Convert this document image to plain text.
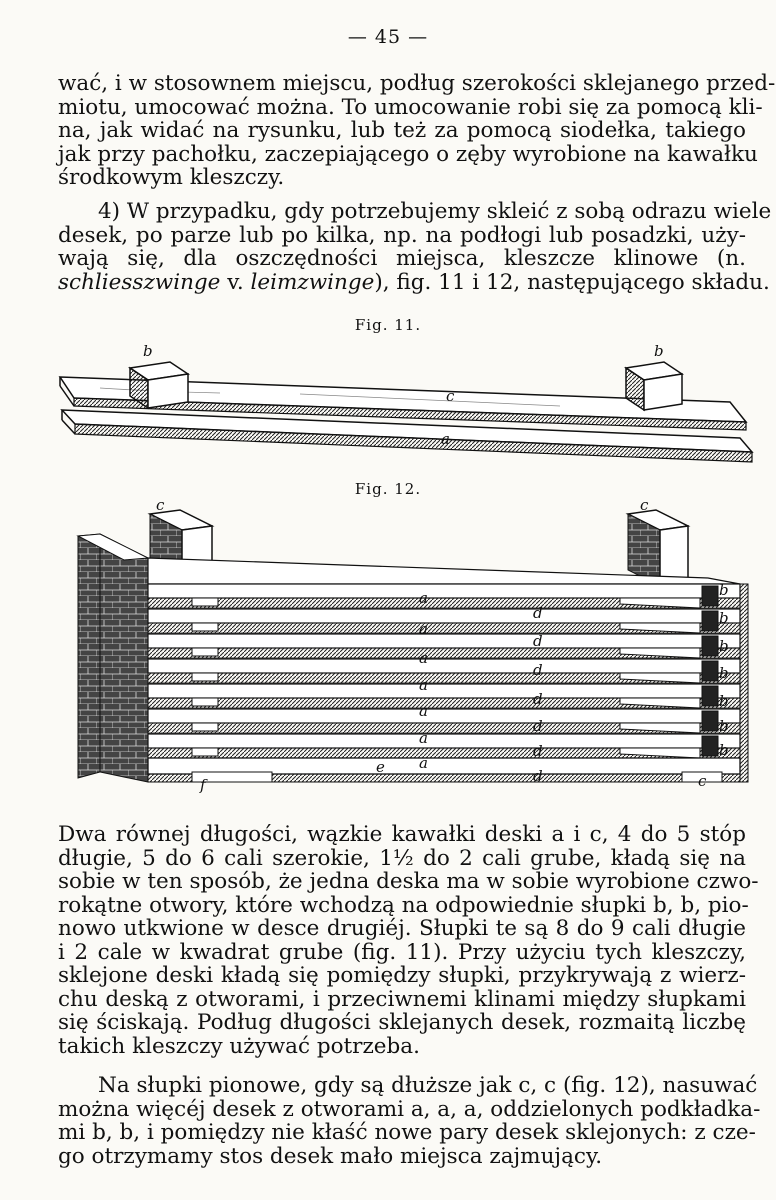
— 45 —
wać, i w stosownem miejscu, podług szerokości sklejanego przed-
miotu, umocować można. To umocowanie robi się za pomocą kli-
na, jak widać na rysunku, lub też za pomocą siodełka, takiego
jak przy pachołku, zaczepiającego o zęby wyrobione na kawałku
środkowym kleszczy.
4) W przypadku, gdy potrzebujemy skleić z sobą odrazu wiele
desek, po parze lub po kilka, np. na podłogi lub posadzki, uży-
wają się, dla oszczędności miejsca, kleszcze klinowe (n.
schliesszwinge v. leimzwinge), fig. 11 i 12, następującego składu.
Fig. 11.
b	b
c
a
Fig. 12.
a
d
b
a
d
b
a
d
b
a
d
b
a
d
b
a
d
b
a
d
b
c	c
e
f	c
Dwa równej długości, wązkie kawałki deski a i c, 4 do 5 stóp
długie, 5 do 6 cali szerokie, 1½ do 2 cali grube, kładą się na
sobie w ten sposób, że jedna deska ma w sobie wyrobione czwo-
rokątne otwory, które wchodzą na odpowiednie słupki b, b, pio-
nowo utkwione w desce drugiéj. Słupki te są 8 do 9 cali długie
i 2 cale w kwadrat grube (fig. 11). Przy użyciu tych kleszczy,
sklejone deski kładą się pomiędzy słupki, przykrywają z wierz-
chu deską z otworami, i przeciwnemi klinami między słupkami
się ściskają. Podług długości sklejanych desek, rozmaitą liczbę
takich kleszczy używać potrzeba.
Na słupki pionowe, gdy są dłuższe jak c, c (fig. 12), nasuwać
można więcéj desek z otworami a, a, a, oddzielonych podkładka-
mi b, b, i pomiędzy nie kłaść nowe pary desek sklejonych: z cze-
go otrzymamy stos desek mało miejsca zajmujący.
